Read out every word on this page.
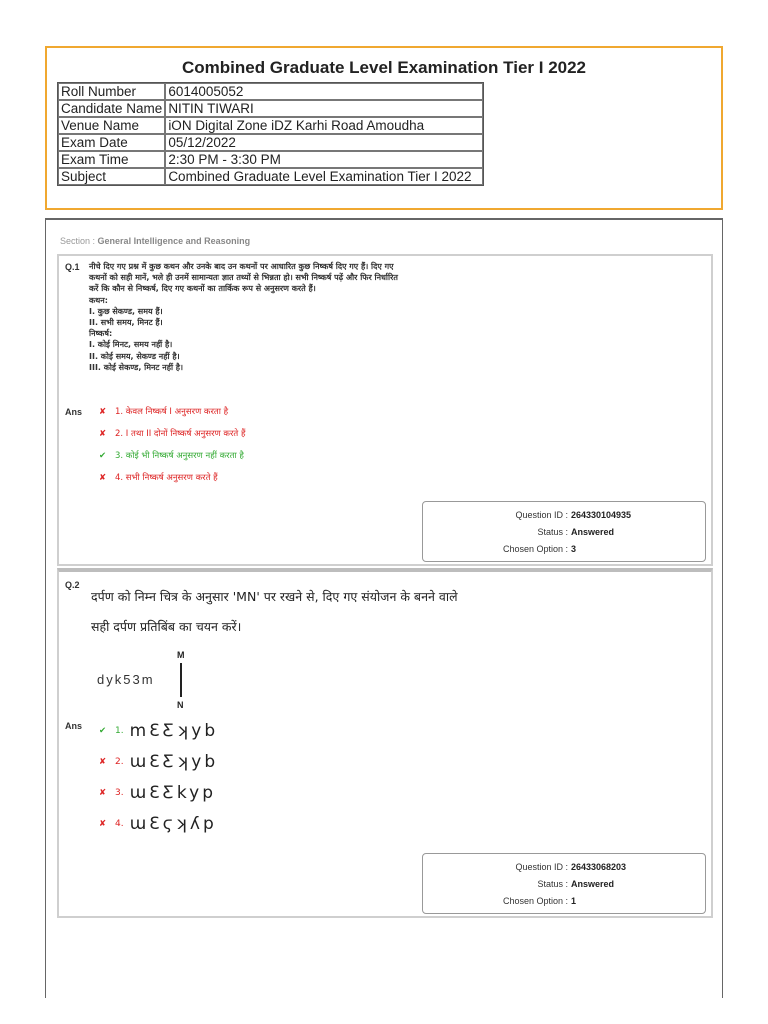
Combined Graduate Level Examination Tier I 2022
Roll Number	6014005052
Candidate Name	NITIN TIWARI
Venue Name	iON Digital Zone iDZ Karhi Road Amoudha
Exam Date	05/12/2022
Exam Time	2:30 PM - 3:30 PM
Subject	Combined Graduate Level Examination Tier I 2022
Section : General Intelligence and Reasoning
Q.1 नीचे दिए गए प्रश्न में कुछ कथन और उनके बाद उन कथनों पर आधारित कुछ निष्कर्ष दिए गए हैं। दिए गए
कथनों को सही मानें, भले ही उनमें सामान्यतः ज्ञात तथ्यों से भिन्नता हो। सभी निष्कर्ष पढ़ें और फिर निर्धारित
करें कि कौन से निष्कर्ष, दिए गए कथनों का तार्किक रूप से अनुसरण करते हैं।
कथन:
I. कुछ सेकण्ड, समय हैं।
II. सभी समय, मिनट हैं।
निष्कर्ष:
I. कोई मिनट, समय नहीं है।
II. कोई समय, सेकण्ड नहीं है।
III. कोई सेकण्ड, मिनट नहीं है।
Ans ✘	1. केवल निष्कर्ष I अनुसरण करता है
✘	2. I तथा II दोनों निष्कर्ष अनुसरण करते हैं
✔	3. कोई भी निष्कर्ष अनुसरण नहीं करता है
✘	4. सभी निष्कर्ष अनुसरण करते हैं
Question ID : 264330104935
Status : Answered
Chosen Option : 3
Q.2
दर्पण को निम्न चित्र के अनुसार 'MN' पर रखने से, दिए गए संयोजन के बनने वाले
सही दर्पण प्रतिबिंब का चयन करें।
M
dyk53m
N
Ans ✔ 1. mƐƸʞyb
✘ 2. ɯƐƸʞyb
✘ 3. ɯƐƸkyp
✘ 4. ɯƐϛʞʎp
Question ID : 26433068203
Status : Answered
Chosen Option : 1
